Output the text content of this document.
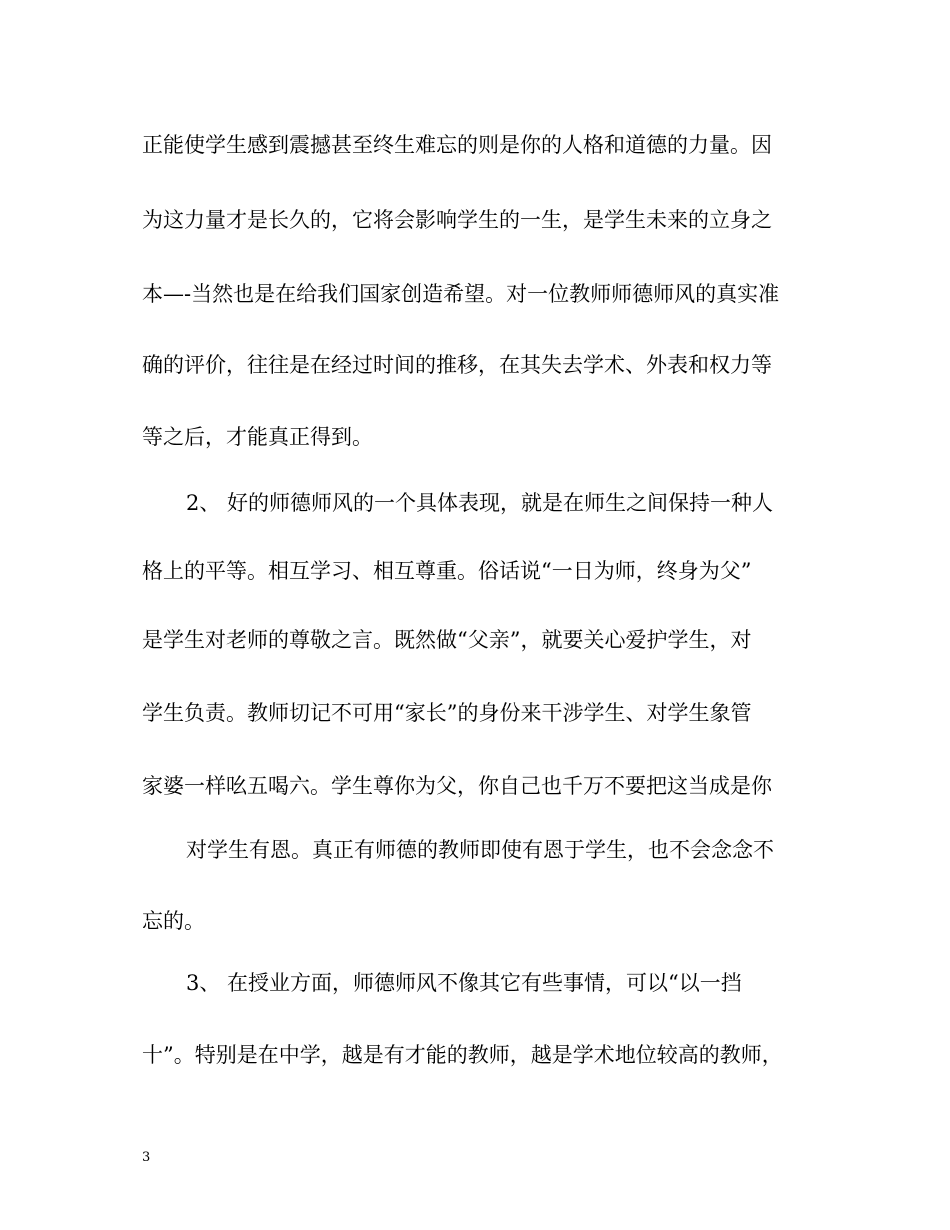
正能使学生感到震撼甚至终生难忘的则是你的人格和道德的力量。因
为这力量才是长久的，它将会影响学生的一生，是学生未来的立身之
本—-当然也是在给我们国家创造希望。对一位教师师德师风的真实准
确的评价，往往是在经过时间的推移，在其失去学术、外表和权力等
等之后，才能真正得到。
2、 好的师德师风的一个具体表现，就是在师生之间保持一种人
格上的平等。相互学习、相互尊重。俗话说“一日为师，终身为父”
是学生对老师的尊敬之言。既然做“父亲”，就要关心爱护学生，对
学生负责。教师切记不可用“家长”的身份来干涉学生、对学生象管
家婆一样吆五喝六。学生尊你为父，你自己也千万不要把这当成是你
对学生有恩。真正有师德的教师即使有恩于学生，也不会念念不
忘的。
3、 在授业方面，师德师风不像其它有些事情，可以“以一挡
十”。特别是在中学，越是有才能的教师，越是学术地位较高的教师，
3
